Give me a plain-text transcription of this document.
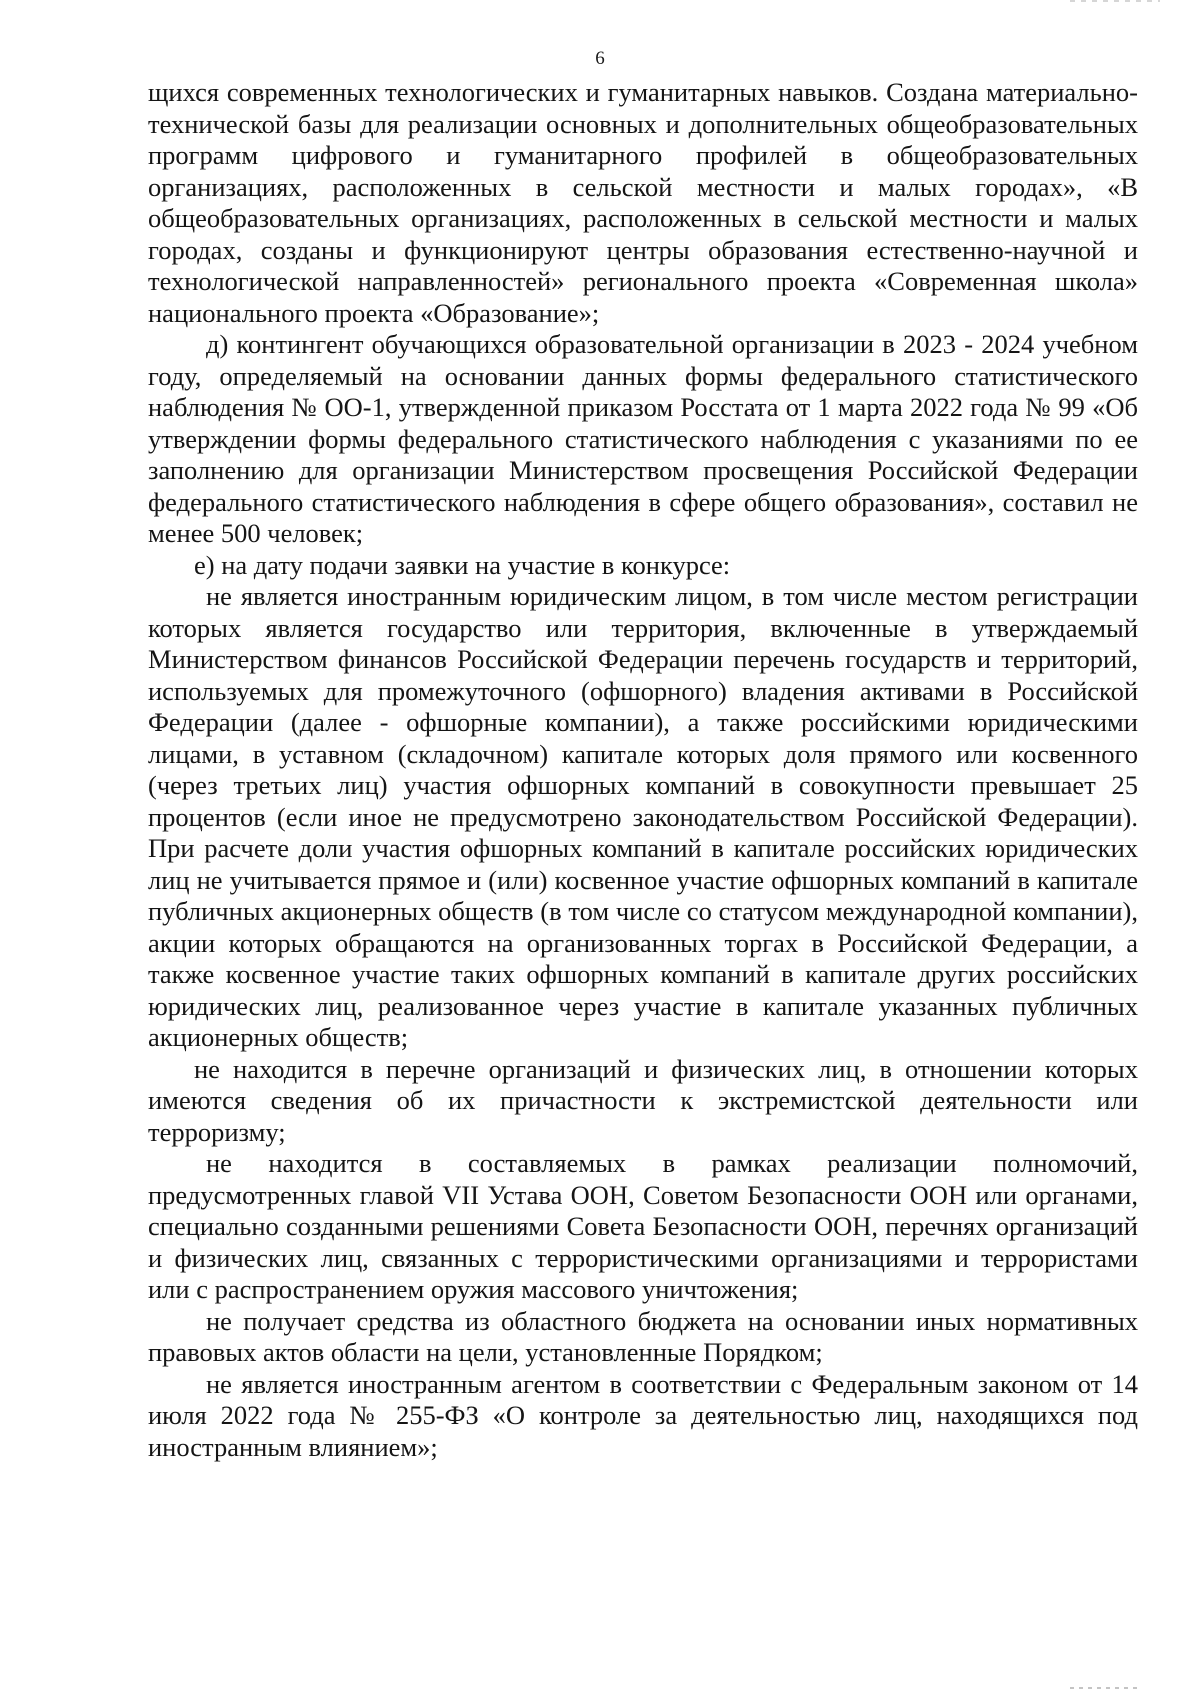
6

щихся современных технологических и гуманитарных навыков. Создана материально-технической базы для реализации основных и дополнительных общеобразовательных программ цифрового и гуманитарного профилей в общеобразовательных организациях, расположенных в сельской местности и малых городах», «В общеобразовательных организациях, расположенных в сельской местности и малых городах, созданы и функционируют центры образования естественно-научной и технологической направленностей» регионального проекта «Современная школа» национального проекта «Образование»;

д) контингент обучающихся образовательной организации в 2023 - 2024 учебном году, определяемый на основании данных формы федерального статистического наблюдения № ОО-1, утвержденной приказом Росстата от 1 марта 2022 года № 99 «Об утверждении формы федерального статистического наблюдения с указаниями по ее заполнению для организации Министерством просвещения Российской Федерации федерального статистического наблюдения в сфере общего образования», составил не менее 500 человек;

е) на дату подачи заявки на участие в конкурсе:

не является иностранным юридическим лицом, в том числе местом регистрации которых является государство или территория, включенные в утверждаемый Министерством финансов Российской Федерации перечень государств и территорий, используемых для промежуточного (офшорного) владения активами в Российской Федерации (далее - офшорные компании), а также российскими юридическими лицами, в уставном (складочном) капитале которых доля прямого или косвенного (через третьих лиц) участия офшорных компаний в совокупности превышает 25 процентов (если иное не предусмотрено законодательством Российской Федерации). При расчете доли участия офшорных компаний в капитале российских юридических лиц не учитывается прямое и (или) косвенное участие офшорных компаний в капитале публичных акционерных обществ (в том числе со статусом международной компании), акции которых обращаются на организованных торгах в Российской Федерации, а также косвенное участие таких офшорных компаний в капитале других российских юридических лиц, реализованное через участие в капитале указанных публичных акционерных обществ;

не находится в перечне организаций и физических лиц, в отношении которых имеются сведения об их причастности к экстремистской деятельности или терроризму;

не находится в составляемых в рамках реализации полномочий, предусмотренных главой VII Устава ООН, Советом Безопасности ООН или органами, специально созданными решениями Совета Безопасности ООН, перечнях организаций и физических лиц, связанных с террористическими организациями и террористами или с распространением оружия массового уничтожения;

не получает средства из областного бюджета на основании иных нормативных правовых актов области на цели, установленные Порядком;

не является иностранным агентом в соответствии с Федеральным законом от 14 июля 2022 года № 255-ФЗ «О контроле за деятельностью лиц, находящихся под иностранным влиянием»;
